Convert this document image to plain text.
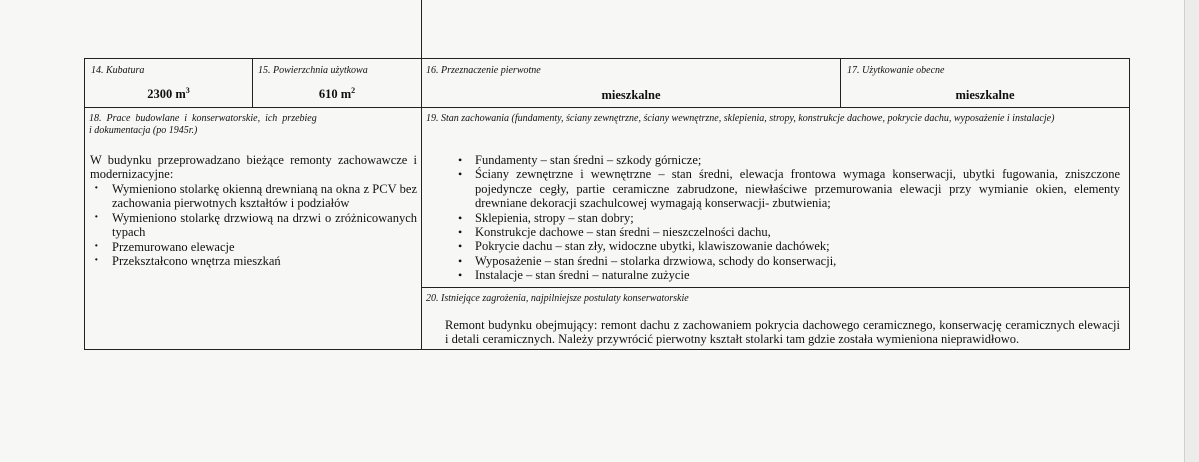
14. Kubatura
2300 $m^3$
15. Powierzchnia użytkowa
610 $m^2$
16. Przeznaczenie pierwotne
mieszkalne
17. Użytkowanie obecne
mieszkalne
18.  Prace  budowlane  i  konserwatorskie,  ich  przebieg
i dokumentacja (po 1945r.)
W budynku przeprowadzano bieżące remonty zachowawcze i modernizacyjne:
· Wymieniono stolarkę okienną drewnianą na okna z PCV bez zachowania pierwotnych kształtów i podziałów
· Wymieniono stolarkę drzwiową na drzwi o zróżnicowanych typach
· Przemurowano elewacje
· Przekształcono wnętrza mieszkań
19. Stan zachowania (fundamenty, ściany zewnętrzne, ściany wewnętrzne, sklepienia, stropy, konstrukcje dachowe, pokrycie dachu, wyposażenie i instalacje)
• Fundamenty – stan średni – szkody górnicze;
• Ściany zewnętrzne i wewnętrzne – stan średni, elewacja frontowa wymaga konserwacji, ubytki fugowania, zniszczone pojedyncze cegły, partie ceramiczne zabrudzone, niewłaściwe przemurowania elewacji przy wymianie okien, elementy drewniane dekoracji szachulcowej wymagają konserwacji- zbutwienia;
• Sklepienia, stropy – stan dobry;
• Konstrukcje dachowe – stan średni – nieszczelności dachu,
• Pokrycie dachu – stan zły, widoczne ubytki, klawiszowanie dachówek;
• Wyposażenie – stan średni – stolarka drzwiowa, schody do konserwacji,
• Instalacje – stan średni – naturalne zużycie
20. Istniejące zagrożenia, najpilniejsze postulaty konserwatorskie
Remont budynku obejmujący: remont dachu z zachowaniem pokrycia dachowego ceramicznego, konserwację ceramicznych elewacji i detali ceramicznych. Należy przywrócić pierwotny kształt stolarki tam gdzie została wymieniona nieprawidłowo.
